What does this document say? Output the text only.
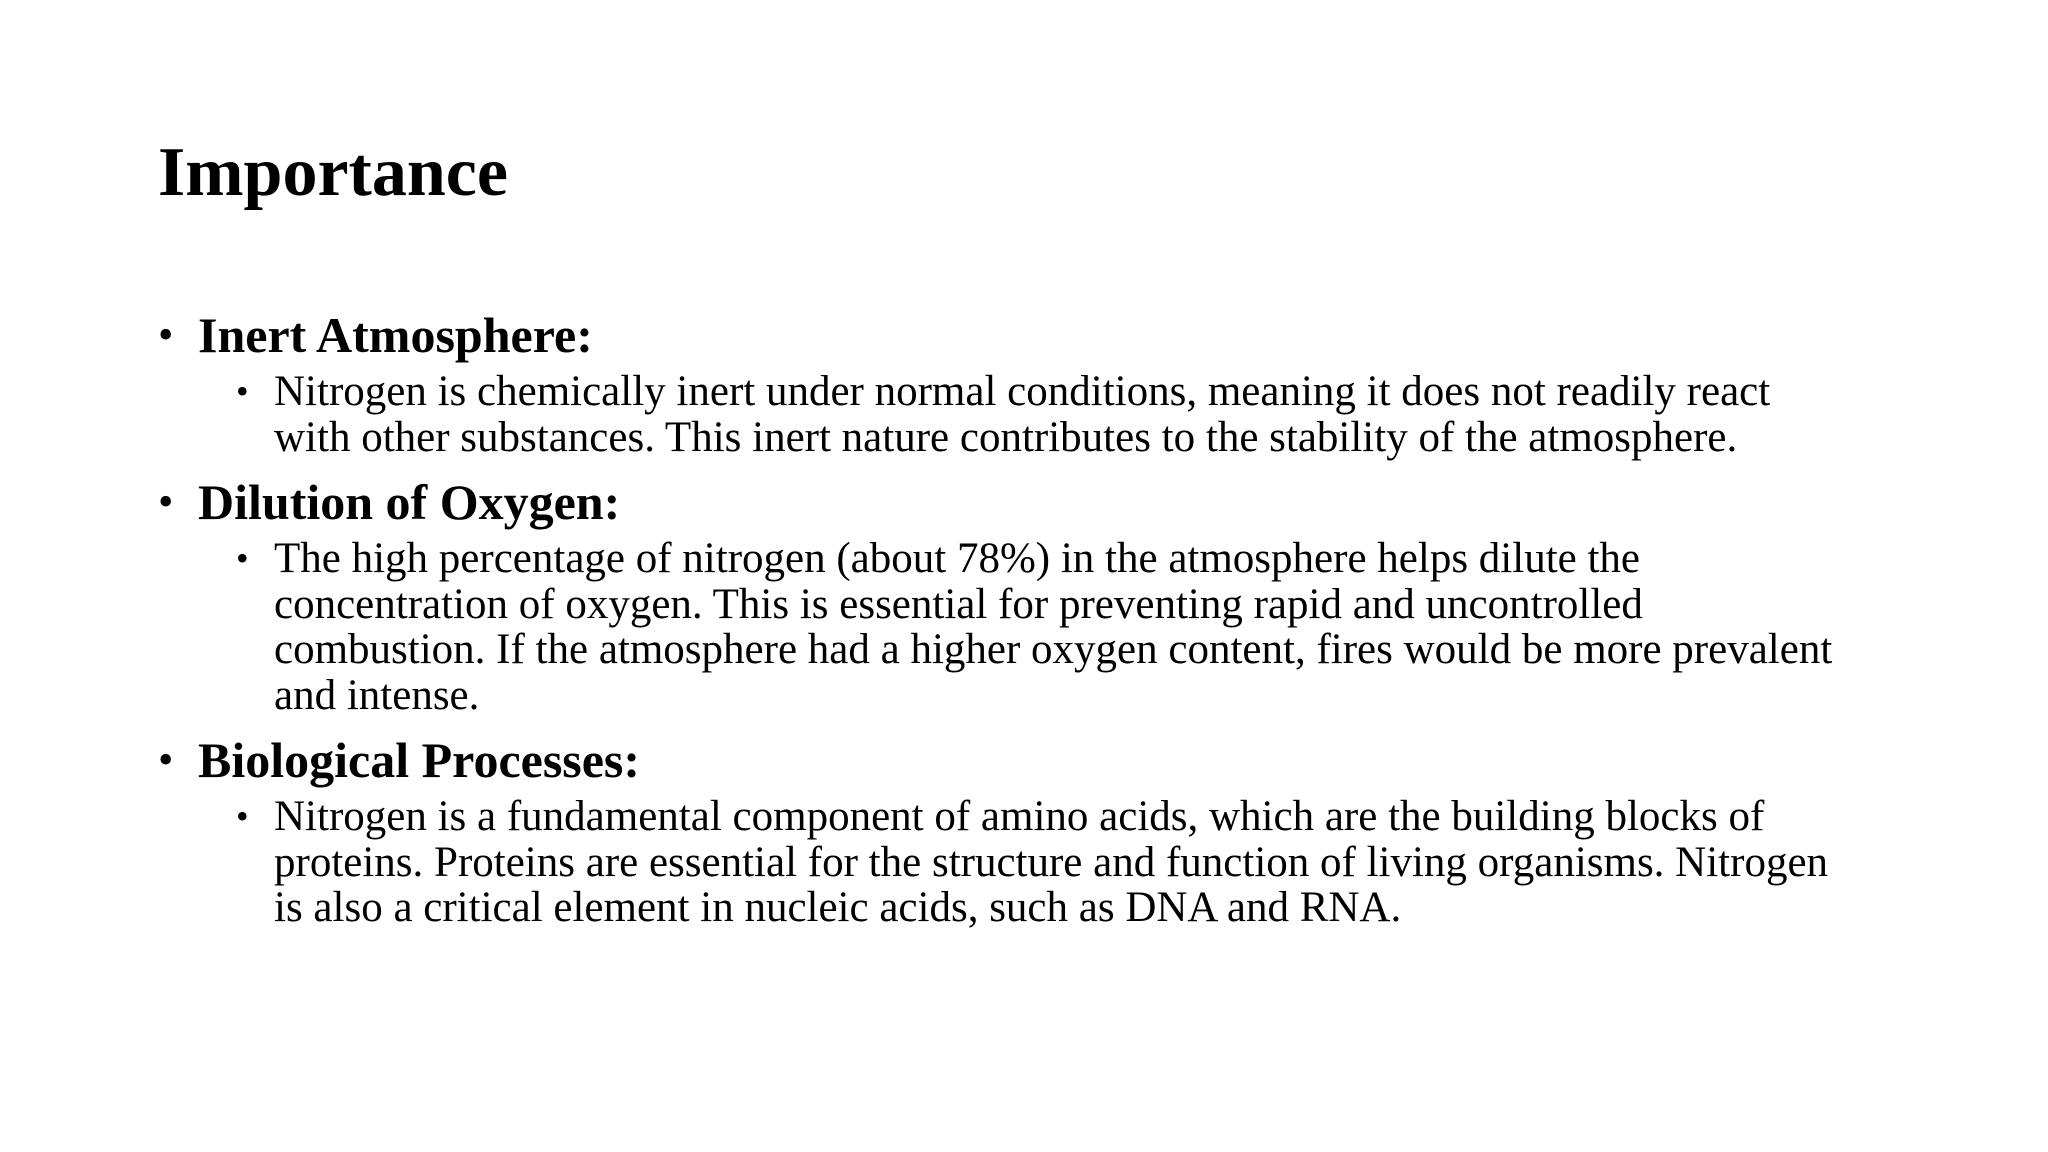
Importance
• Inert Atmosphere:
• Nitrogen is chemically inert under normal conditions, meaning it does not readily react with other substances. This inert nature contributes to the stability of the atmosphere.
• Dilution of Oxygen:
• The high percentage of nitrogen (about 78%) in the atmosphere helps dilute the concentration of oxygen. This is essential for preventing rapid and uncontrolled combustion. If the atmosphere had a higher oxygen content, fires would be more prevalent and intense.
• Biological Processes:
• Nitrogen is a fundamental component of amino acids, which are the building blocks of proteins. Proteins are essential for the structure and function of living organisms. Nitrogen is also a critical element in nucleic acids, such as DNA and RNA.
